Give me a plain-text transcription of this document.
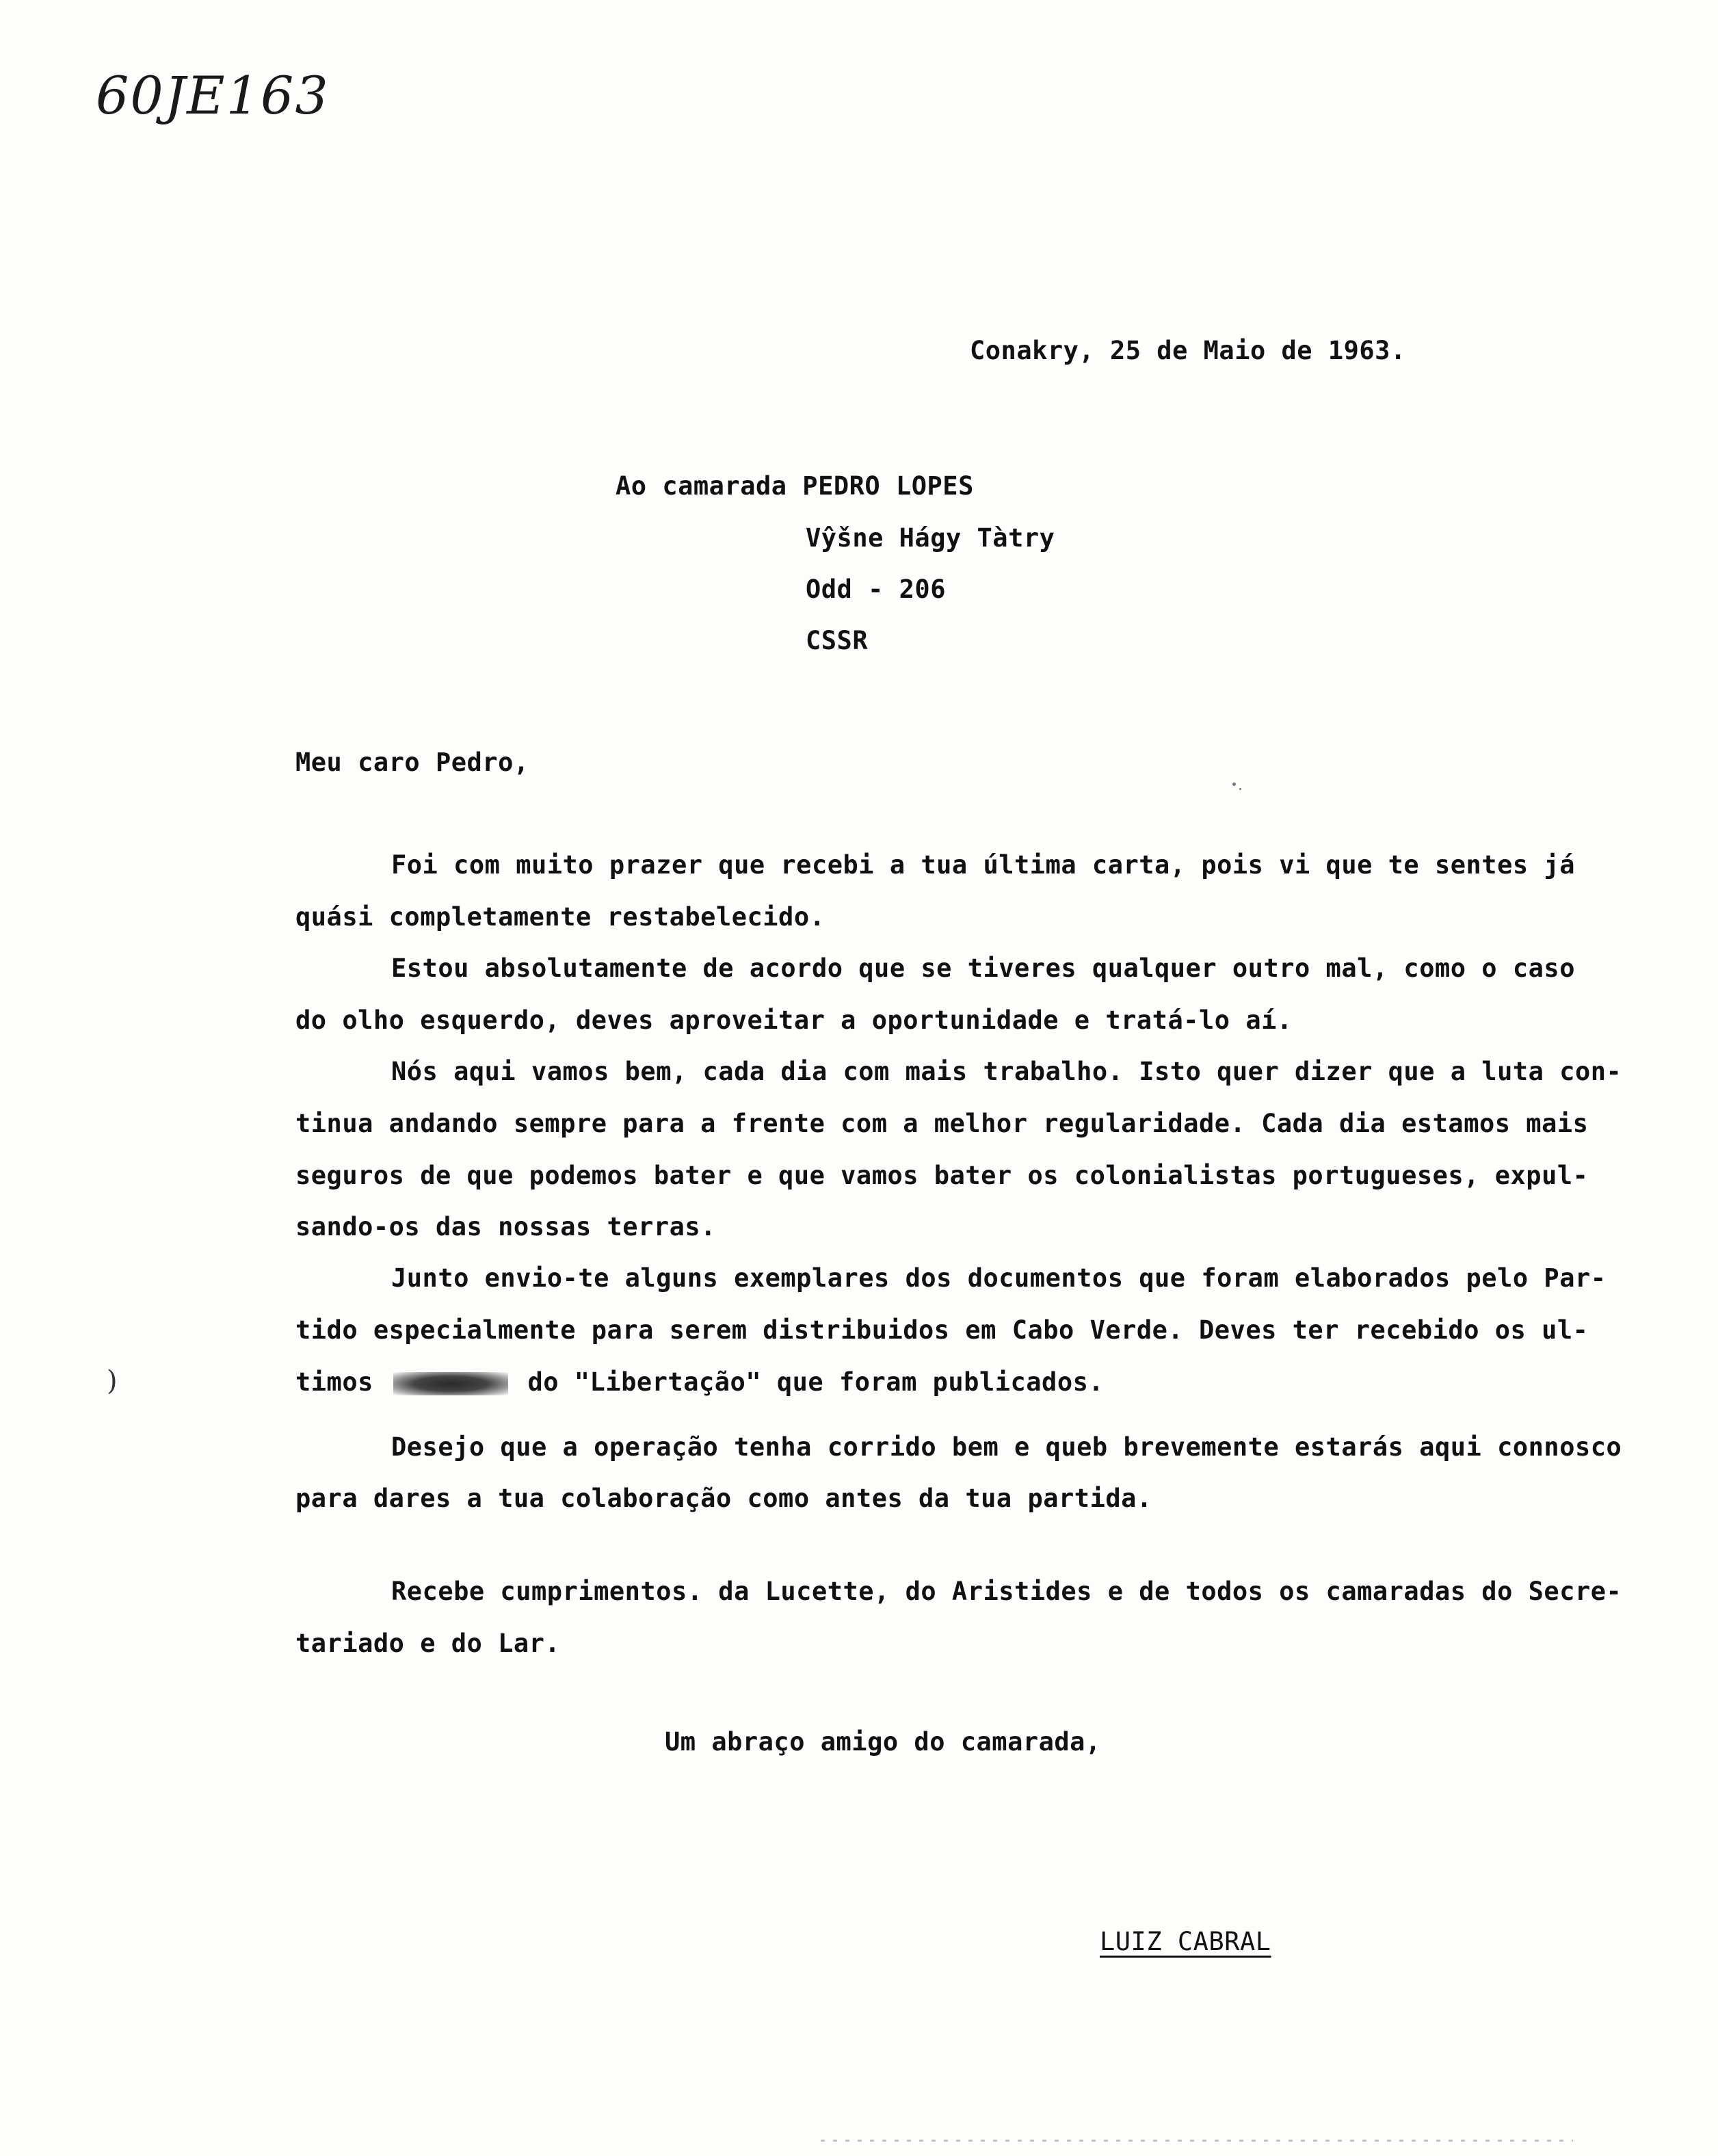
60JE163
Conakry, 25 de Maio de 1963.
Ao camarada PEDRO LOPES
Vŷšne Hágy Tàtry
Odd - 206
CSSR
Meu caro Pedro,
Foi com muito prazer que recebi a tua última carta, pois vi que te sentes já
quási completamente restabelecido.
Estou absolutamente de acordo que se tiveres qualquer outro mal, como o caso
do olho esquerdo, deves aproveitar a oportunidade e tratá-lo aí.
Nós aqui vamos bem, cada dia com mais trabalho. Isto quer dizer que a luta con-
tinua andando sempre para a frente com a melhor regularidade. Cada dia estamos mais
seguros de que podemos bater e que vamos bater os colonialistas portugueses, expul-
sando-os das nossas terras.
Junto envio-te alguns exemplares dos documentos que foram elaborados pelo Par-
tido especialmente para serem distribuidos em Cabo Verde. Deves ter recebido os ul-
timos	do "Libertação" que foram publicados.
Desejo que a operação tenha corrido bem e queb brevemente estarás aqui connosco
para dares a tua colaboração como antes da tua partida.
Recebe cumprimentos. da Lucette, do Aristides e de todos os camaradas do Secre-
tariado e do Lar.
Um abraço amigo do camarada,
LUIZ CABRAL
)
